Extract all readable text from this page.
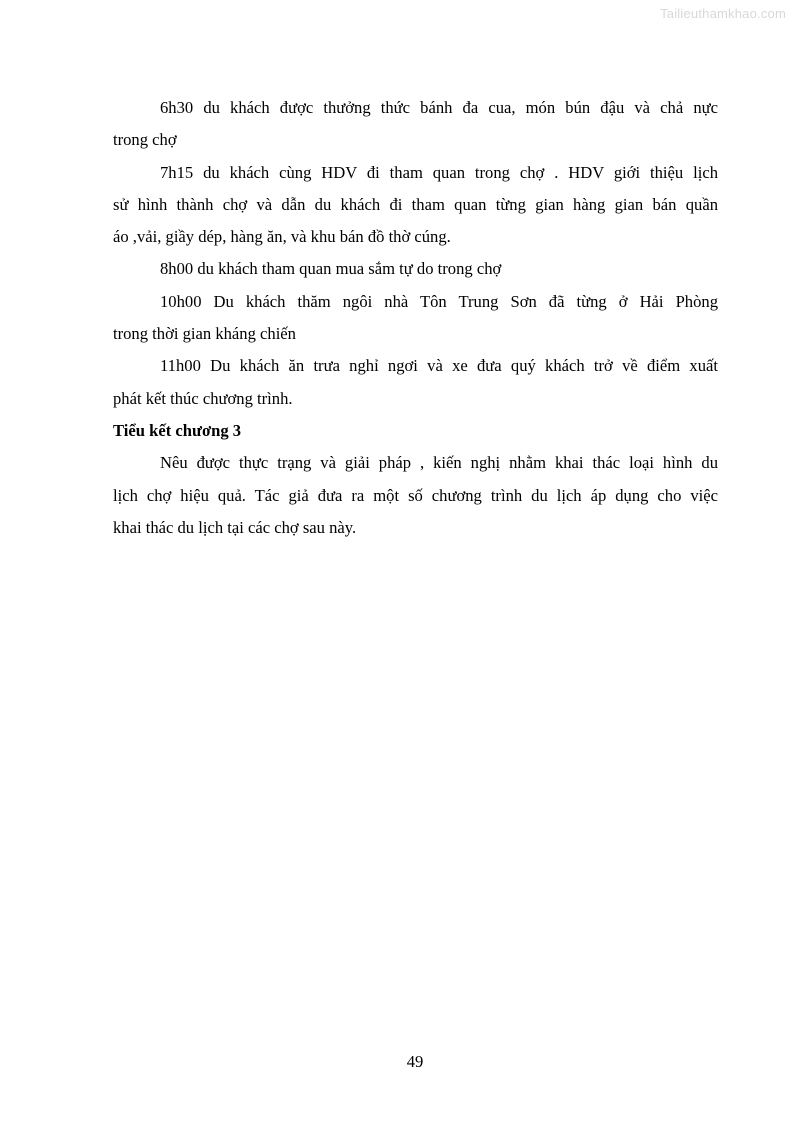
Tailieuthamkhao.com
6h30 du khách được thưởng thức bánh đa cua, món bún đậu và chả nực
trong chợ
7h15 du khách cùng HDV đi tham quan trong chợ . HDV giới thiệu lịch
sử hình thành chợ và dẫn du khách đi tham quan từng gian hàng gian bán quần
áo ,vải, giầy dép, hàng ăn, và khu bán đồ thờ cúng.
8h00 du khách tham quan mua sắm tự do trong chợ
10h00 Du khách thăm ngôi nhà Tôn Trung Sơn đã từng ở Hải Phòng
trong thời gian kháng chiến
11h00 Du khách ăn trưa nghỉ ngơi và xe đưa quý khách trở về điểm xuất
phát kết thúc chương trình.
Tiểu kết chương 3
Nêu được thực trạng và giải pháp , kiến nghị nhằm khai thác loại hình du
lịch chợ hiệu quả. Tác giả đưa ra một số chương trình du lịch áp dụng cho việc
khai thác du lịch tại các chợ sau này.
49
